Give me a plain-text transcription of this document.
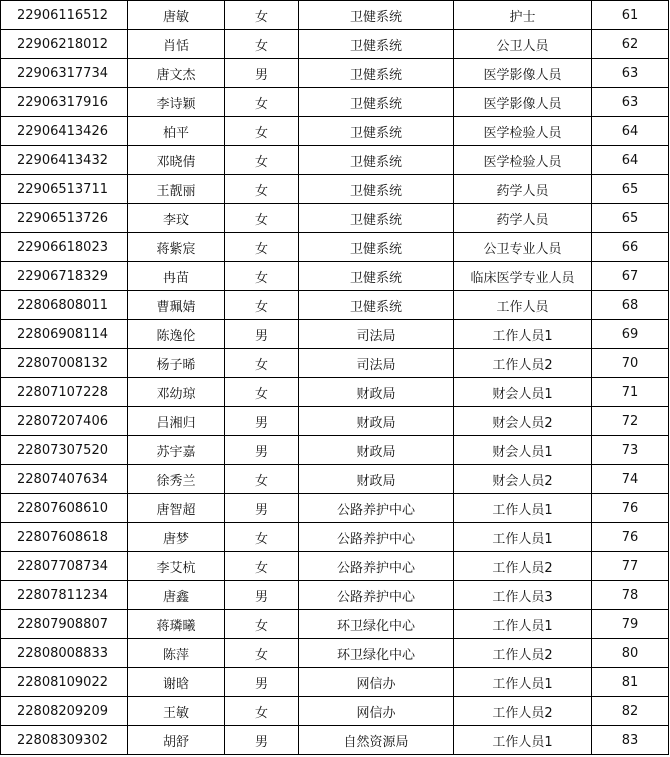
22906116512	唐敏	女	卫健系统	护士	61
22906218012	肖恬	女	卫健系统	公卫人员	62
22906317734	唐文杰	男	卫健系统	医学影像人员	63
22906317916	李诗颖	女	卫健系统	医学影像人员	63
22906413426	柏平	女	卫健系统	医学检验人员	64
22906413432	邓晓倩	女	卫健系统	医学检验人员	64
22906513711	王靓丽	女	卫健系统	药学人员	65
22906513726	李玟	女	卫健系统	药学人员	65
22906618023	蒋紫宸	女	卫健系统	公卫专业人员	66
22906718329	冉苗	女	卫健系统	临床医学专业人员	67
22806808011	曹珮婧	女	卫健系统	工作人员	68
22806908114	陈逸伦	男	司法局	工作人员1	69
22807008132	杨子晞	女	司法局	工作人员2	70
22807107228	邓幼琼	女	财政局	财会人员1	71
22807207406	吕湘归	男	财政局	财会人员2	72
22807307520	苏宇嘉	男	财政局	财会人员1	73
22807407634	徐秀兰	女	财政局	财会人员2	74
22807608610	唐智超	男	公路养护中心	工作人员1	76
22807608618	唐梦	女	公路养护中心	工作人员1	76
22807708734	李艾杭	女	公路养护中心	工作人员2	77
22807811234	唐鑫	男	公路养护中心	工作人员3	78
22807908807	蒋璘曦	女	环卫绿化中心	工作人员1	79
22808008833	陈萍	女	环卫绿化中心	工作人员2	80
22808109022	谢晗	男	网信办	工作人员1	81
22808209209	王敏	女	网信办	工作人员2	82
22808309302	胡舒	男	自然资源局	工作人员1	83
